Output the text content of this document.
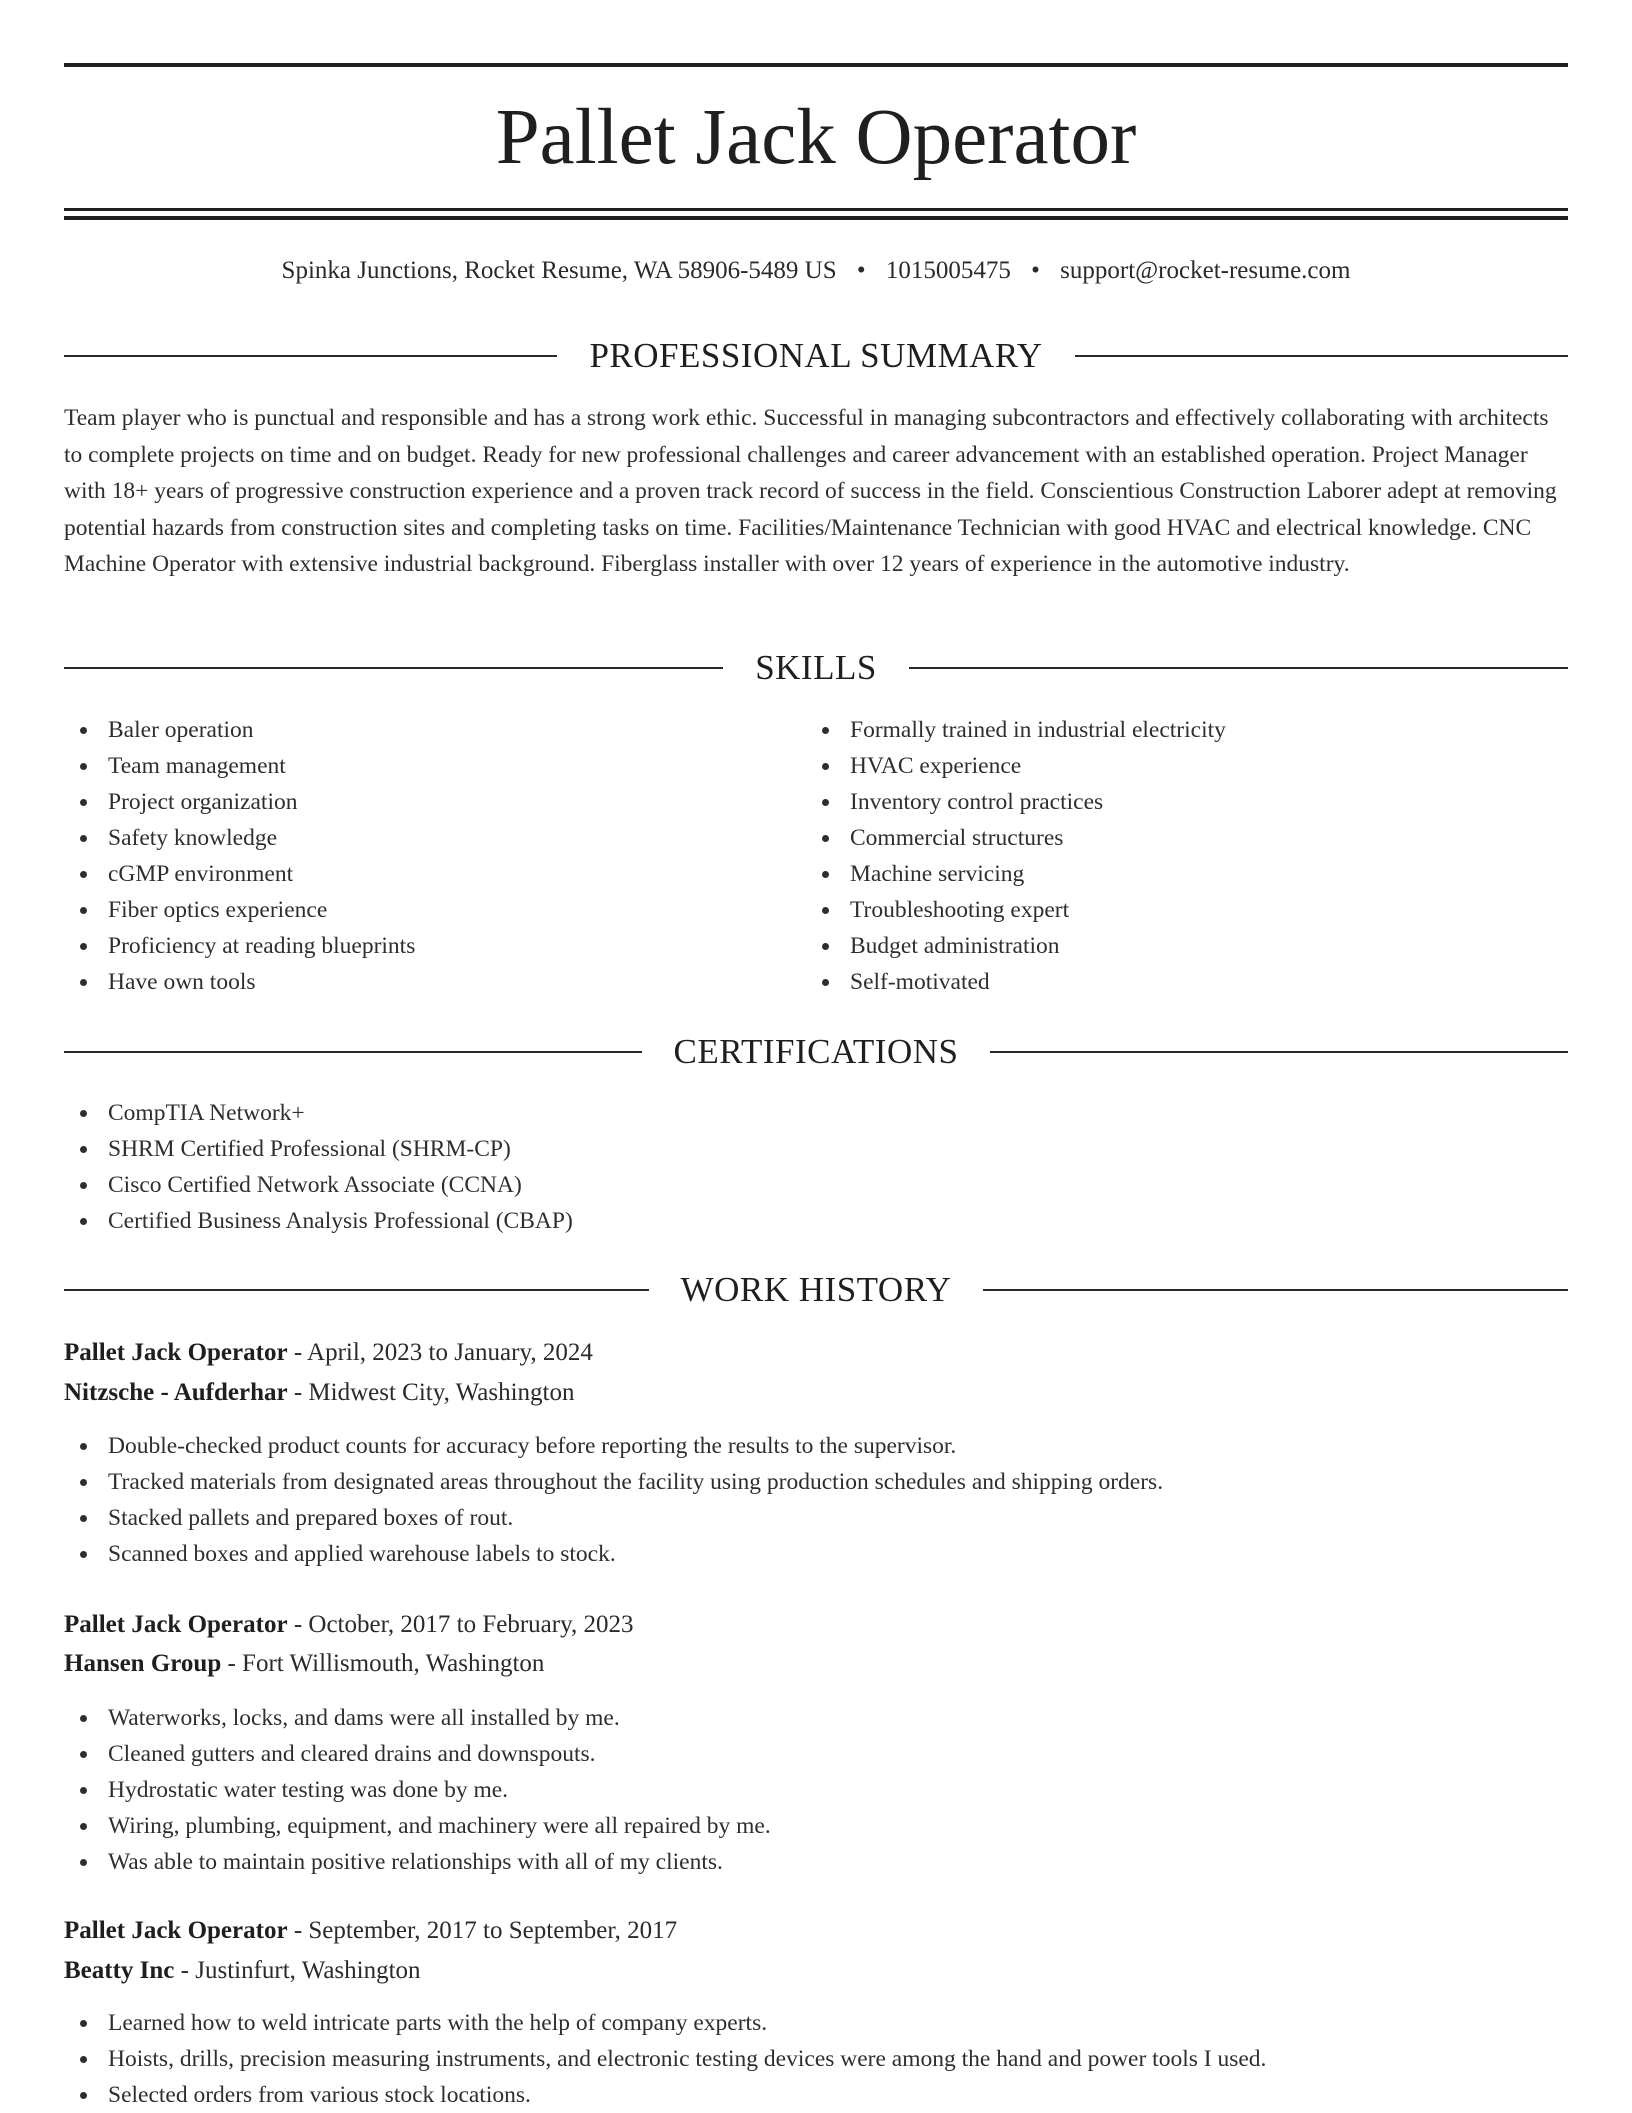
Pallet Jack Operator
Spinka Junctions, Rocket Resume, WA 58906-5489 US • 1015005475 • support@rocket-resume.com
PROFESSIONAL SUMMARY

Team player who is punctual and responsible and has a strong work ethic. Successful in managing subcontractors and effectively collaborating with architects to complete projects on time and on budget. Ready for new professional challenges and career advancement with an established operation. Project Manager with 18+ years of progressive construction experience and a proven track record of success in the field. Conscientious Construction Laborer adept at removing potential hazards from construction sites and completing tasks on time. Facilities/Maintenance Technician with good HVAC and electrical knowledge. CNC Machine Operator with extensive industrial background. Fiberglass installer with over 12 years of experience in the automotive industry.

SKILLS
Baler operation
Team management
Project organization
Safety knowledge
cGMP environment
Fiber optics experience
Proficiency at reading blueprints
Have own tools
Formally trained in industrial electricity
HVAC experience
Inventory control practices
Commercial structures
Machine servicing
Troubleshooting expert
Budget administration
Self-motivated
CERTIFICATIONS
CompTIA Network+
SHRM Certified Professional (SHRM-CP)
Cisco Certified Network Associate (CCNA)
Certified Business Analysis Professional (CBAP)
WORK HISTORY
Pallet Jack Operator - April, 2023 to January, 2024
Nitzsche - Aufderhar - Midwest City, Washington
Double-checked product counts for accuracy before reporting the results to the supervisor.
Tracked materials from designated areas throughout the facility using production schedules and shipping orders.
Stacked pallets and prepared boxes of rout.
Scanned boxes and applied warehouse labels to stock.
Pallet Jack Operator - October, 2017 to February, 2023
Hansen Group - Fort Willismouth, Washington
Waterworks, locks, and dams were all installed by me.
Cleaned gutters and cleared drains and downspouts.
Hydrostatic water testing was done by me.
Wiring, plumbing, equipment, and machinery were all repaired by me.
Was able to maintain positive relationships with all of my clients.
Pallet Jack Operator - September, 2017 to September, 2017
Beatty Inc - Justinfurt, Washington
Learned how to weld intricate parts with the help of company experts.
Hoists, drills, precision measuring instruments, and electronic testing devices were among the hand and power tools I used.
Selected orders from various stock locations.
